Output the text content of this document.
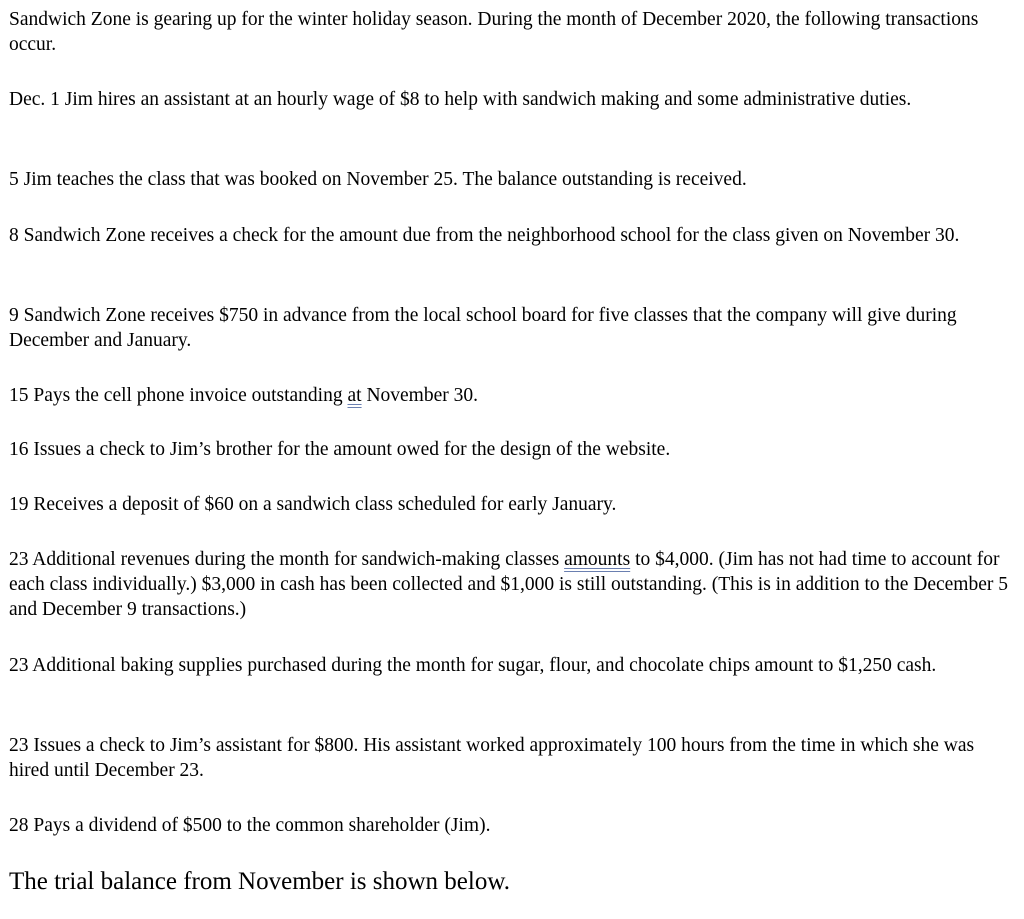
Sandwich Zone is gearing up for the winter holiday season. During the month of December 2020, the following transactions occur.

Dec. 1 Jim hires an assistant at an hourly wage of $8 to help with sandwich making and some administrative duties.

5 Jim teaches the class that was booked on November 25. The balance outstanding is received.

8 Sandwich Zone receives a check for the amount due from the neighborhood school for the class given on November 30.

9 Sandwich Zone receives $750 in advance from the local school board for five classes that the company will give during December and January.

15 Pays the cell phone invoice outstanding at November 30.

16 Issues a check to Jim’s brother for the amount owed for the design of the website.

19 Receives a deposit of $60 on a sandwich class scheduled for early January.

23 Additional revenues during the month for sandwich-making classes amounts to $4,000. (Jim has not had time to account for each class individually.) $3,000 in cash has been collected and $1,000 is still outstanding. (This is in addition to the December 5 and December 9 transactions.)

23 Additional baking supplies purchased during the month for sugar, flour, and chocolate chips amount to $1,250 cash.

23 Issues a check to Jim’s assistant for $800. His assistant worked approximately 100 hours from the time in which she was hired until December 23.

28 Pays a dividend of $500 to the common shareholder (Jim).

The trial balance from November is shown below.
